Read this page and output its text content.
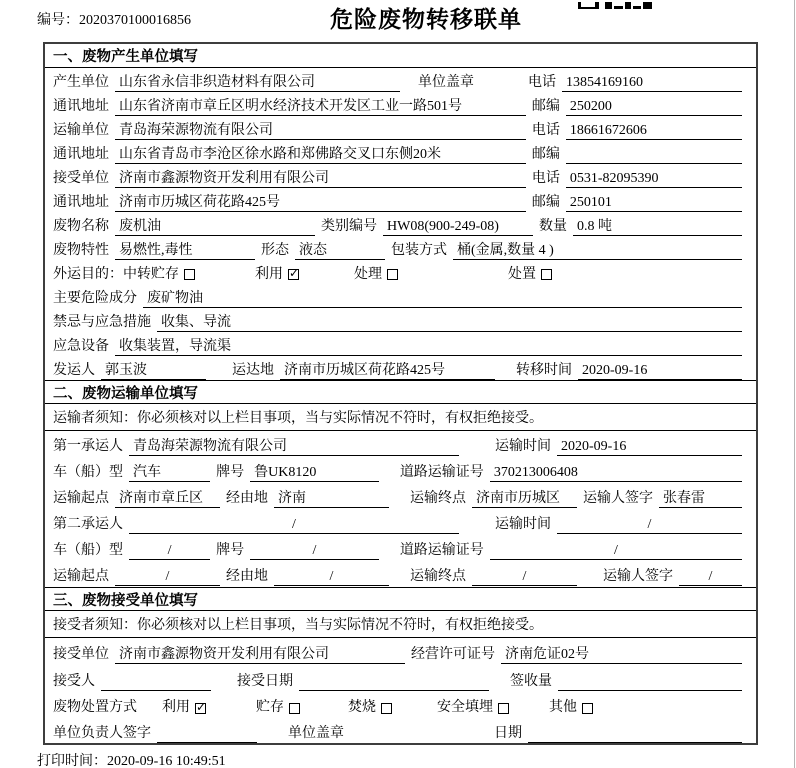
编号：2020370100016856	危险废物转移联单
一、废物产生单位填写
产生单位 山东省永信非织造材料有限公司	单位盖章	电话 13854169160
通讯地址 山东省济南市章丘区明水经济技术开发区工业一路501号	邮编 250200
运输单位 青岛海荣源物流有限公司	电话 18661672606
通讯地址 山东省青岛市李沧区徐水路和郑佛路交叉口东侧20米	邮编
接受单位 济南市鑫源物资开发利用有限公司	电话 0531-82095390
通讯地址 济南市历城区荷花路425号	邮编 250101
废物名称 废机油	类别编号 HW08(900-249-08)	数量 0.8 吨
废物特性 易燃性,毒性	形态 液态	包装方式 桶(金属,数量 4 )
外运目的： 中转贮存	利用 ✓	处理	处置
主要危险成分 废矿物油
禁忌与应急措施 收集、导流
应急设备 收集装置，导流渠
发运人 郭玉波	运达地 济南市历城区荷花路425号	转移时间 2020-09-16
二、废物运输单位填写
运输者须知：你必须核对以上栏目事项，当与实际情况不符时，有权拒绝接受。
第一承运人 青岛海荣源物流有限公司	运输时间 2020-09-16
车（船）型 汽车	牌号 鲁UK8120	道路运输证号 370213006408
运输起点 济南市章丘区	经由地 济南	运输终点 济南市历城区	运输人签字 张春雷
第二承运人	/	运输时间	/
车（船）型	/	牌号	/	道路运输证号	/
运输起点	/	经由地	/	运输终点	/	运输人签字	/
三、废物接受单位填写
接受者须知：你必须核对以上栏目事项，当与实际情况不符时，有权拒绝接受。
接受单位 济南市鑫源物资开发利用有限公司	经营许可证号 济南危证02号
接受人	接受日期	签收量
废物处置方式 利用 ✓	贮存	焚烧	安全填埋	其他
单位负责人签字	单位盖章	日期
打印时间：2020-09-16 10:49:51
